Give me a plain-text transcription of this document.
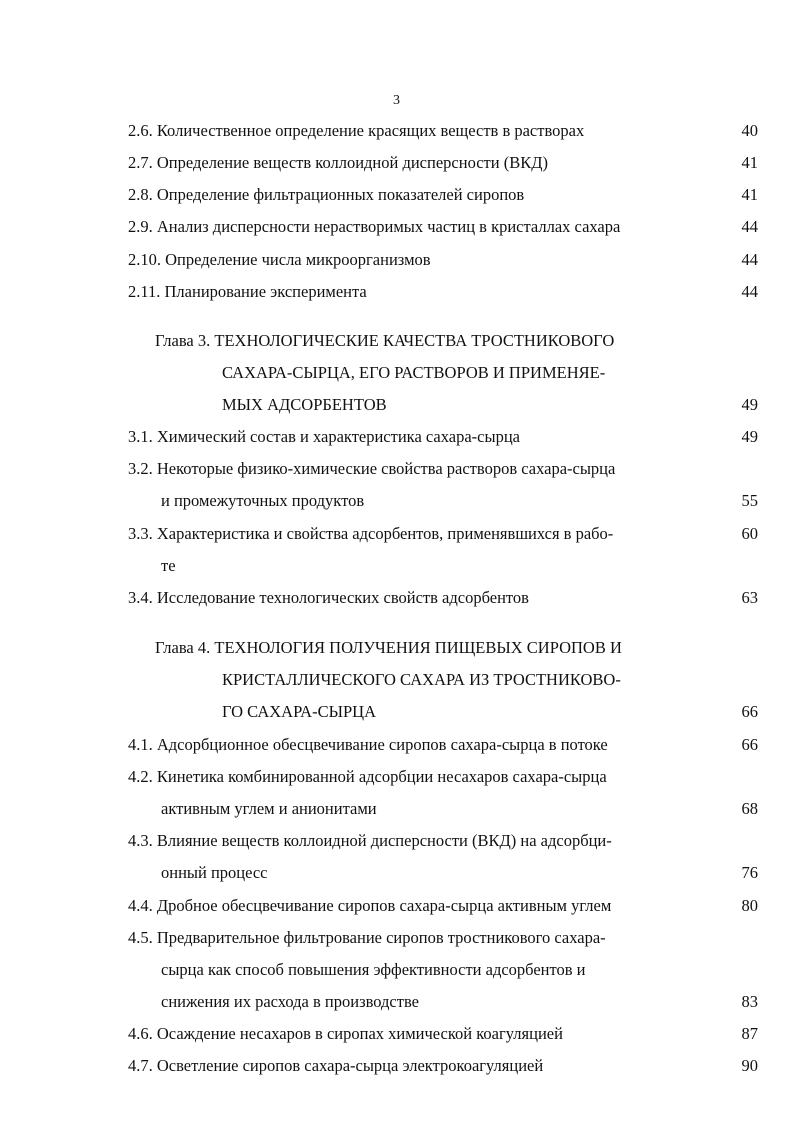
3
2.6. Количественное определение красящих веществ в растворах	40
2.7. Определение веществ коллоидной дисперсности (ВКД)	41
2.8. Определение фильтрационных показателей сиропов	41
2.9. Анализ дисперсности нерастворимых частиц в кристаллах сахара	44
2.10. Определение числа микроорганизмов	44
2.11. Планирование эксперимента	44
Глава 3. ТЕХНОЛОГИЧЕСКИЕ КАЧЕСТВА ТРОСТНИКОВОГО
САХАРА-СЫРЦА, ЕГО РАСТВОРОВ И ПРИМЕНЯЕ-
МЫХ АДСОРБЕНТОВ	49
3.1. Химический состав и характеристика сахара-сырца	49
3.2. Некоторые физико-химические свойства растворов сахара-сырца
и промежуточных продуктов	55
3.3. Характеристика и свойства адсорбентов, применявшихся в рабо-	60
те
3.4. Исследование технологических свойств адсорбентов	63
Глава 4. ТЕХНОЛОГИЯ ПОЛУЧЕНИЯ ПИЩЕВЫХ СИРОПОВ И
КРИСТАЛЛИЧЕСКОГО САХАРА ИЗ ТРОСТНИКОВО-
ГО САХАРА-СЫРЦА	66
4.1. Адсорбционное обесцвечивание сиропов сахара-сырца в потоке	66
4.2. Кинетика комбинированной адсорбции несахаров сахара-сырца
активным углем и анионитами	68
4.3. Влияние веществ коллоидной дисперсности (ВКД) на адсорбци-
онный процесс	76
4.4. Дробное обесцвечивание сиропов сахара-сырца активным углем	80
4.5. Предварительное фильтрование сиропов тростникового сахара-
сырца как способ повышения эффективности адсорбентов и
снижения их расхода в производстве	83
4.6. Осаждение несахаров в сиропах химической коагуляцией	87
4.7. Осветление сиропов сахара-сырца электрокоагуляцией	90
